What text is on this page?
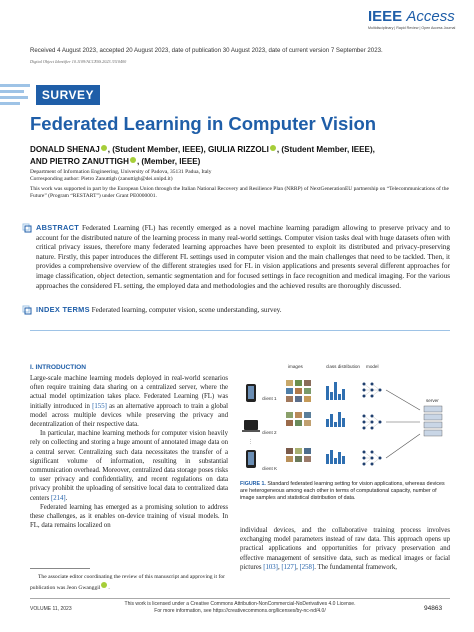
IEEE Access
Multidisciplinary | Rapid Review | Open Access Journal
Received 4 August 2023, accepted 20 August 2023, date of publication 30 August 2023, date of current version 7 September 2023.
Digital Object Identifier 10.1109/ACCESS.2023.3310400
SURVEY
Federated Learning in Computer Vision
DONALD SHENAJ , (Student Member, IEEE), GIULIA RIZZOLI , (Student Member, IEEE),
AND PIETRO ZANUTTIGH , (Member, IEEE)
Department of Information Engineering, University of Padova, 35131 Padua, Italy
Corresponding author: Pietro Zanuttigh (zanuttigh@dei.unipd.it)
This work was supported in part by the European Union through the Italian National Recovery and Resilience Plan (NRRP) of NextGenerationEU partnership on “Telecommunications of the Future” (Program “RESTART”) under Grant PE0000001.
ABSTRACT Federated Learning (FL) has recently emerged as a novel machine learning paradigm allowing to preserve privacy and to account for the distributed nature of the learning process in many real-world settings. Computer vision tasks deal with huge datasets often with critical privacy issues, therefore many federated learning approaches have been presented to exploit its distributed and privacy-preserving nature. Firstly, this paper introduces the different FL settings used in computer vision and the main challenges that need to be tackled. Then, it provides a comprehensive overview of the different strategies used for FL in vision applications and presents several different approaches for image classification, object detection, semantic segmentation and for focused settings in face recognition and medical imaging. For the various approaches the considered FL setting, the employed data and methodologies and the achieved results are thoroughly discussed.
INDEX TERMS Federated learning, computer vision, scene understanding, survey.
I. INTRODUCTION

Large-scale machine learning models deployed in real-world scenarios often require training data sharing on a centralized server, where the actual model optimization takes place. Federated Learning (FL) was initially introduced in [155] as an alternative approach to train a global model across multiple devices while preserving the privacy and decentralization of their respective data.

In particular, machine learning methods for computer vision heavily rely on collecting and storing a huge amount of annotated image data on a central server. Centralizing such data necessitates the transfer of a significant volume of information, resulting in substantial communication overhead. Moreover, centralized data storage poses risks to user privacy and confidentiality, and recent regulations on data privacy prohibit the uploading of sensitive local data to centralized data centers [214].

Federated learning has emerged as a promising solution to address these challenges, as it enables on-device training of visual models. In FL, data remains localized on

The associate editor coordinating the review of this manuscript and approving it for publication was Jeon Gwanggil .
images	class distribution model
⋮
client 1
client 2
client K
server
FIGURE 1. Standard federated learning setting for vision applications, whereas devices are heterogeneous among each other in terms of computational capacity, number of image samples and statistical distribution of data.

individual devices, and the collaborative training process involves exchanging model parameters instead of raw data. This approach opens up practical applications and opportunities for privacy preservation and effective management of sensitive data, such as medical images or facial pictures [103], [127], [258]. The fundamental framework,

VOLUME 11, 2023
This work is licensed under a Creative Commons Attribution-NonCommercial-NoDerivatives 4.0 License.
For more information, see https://creativecommons.org/licenses/by-nc-nd/4.0/	94863
